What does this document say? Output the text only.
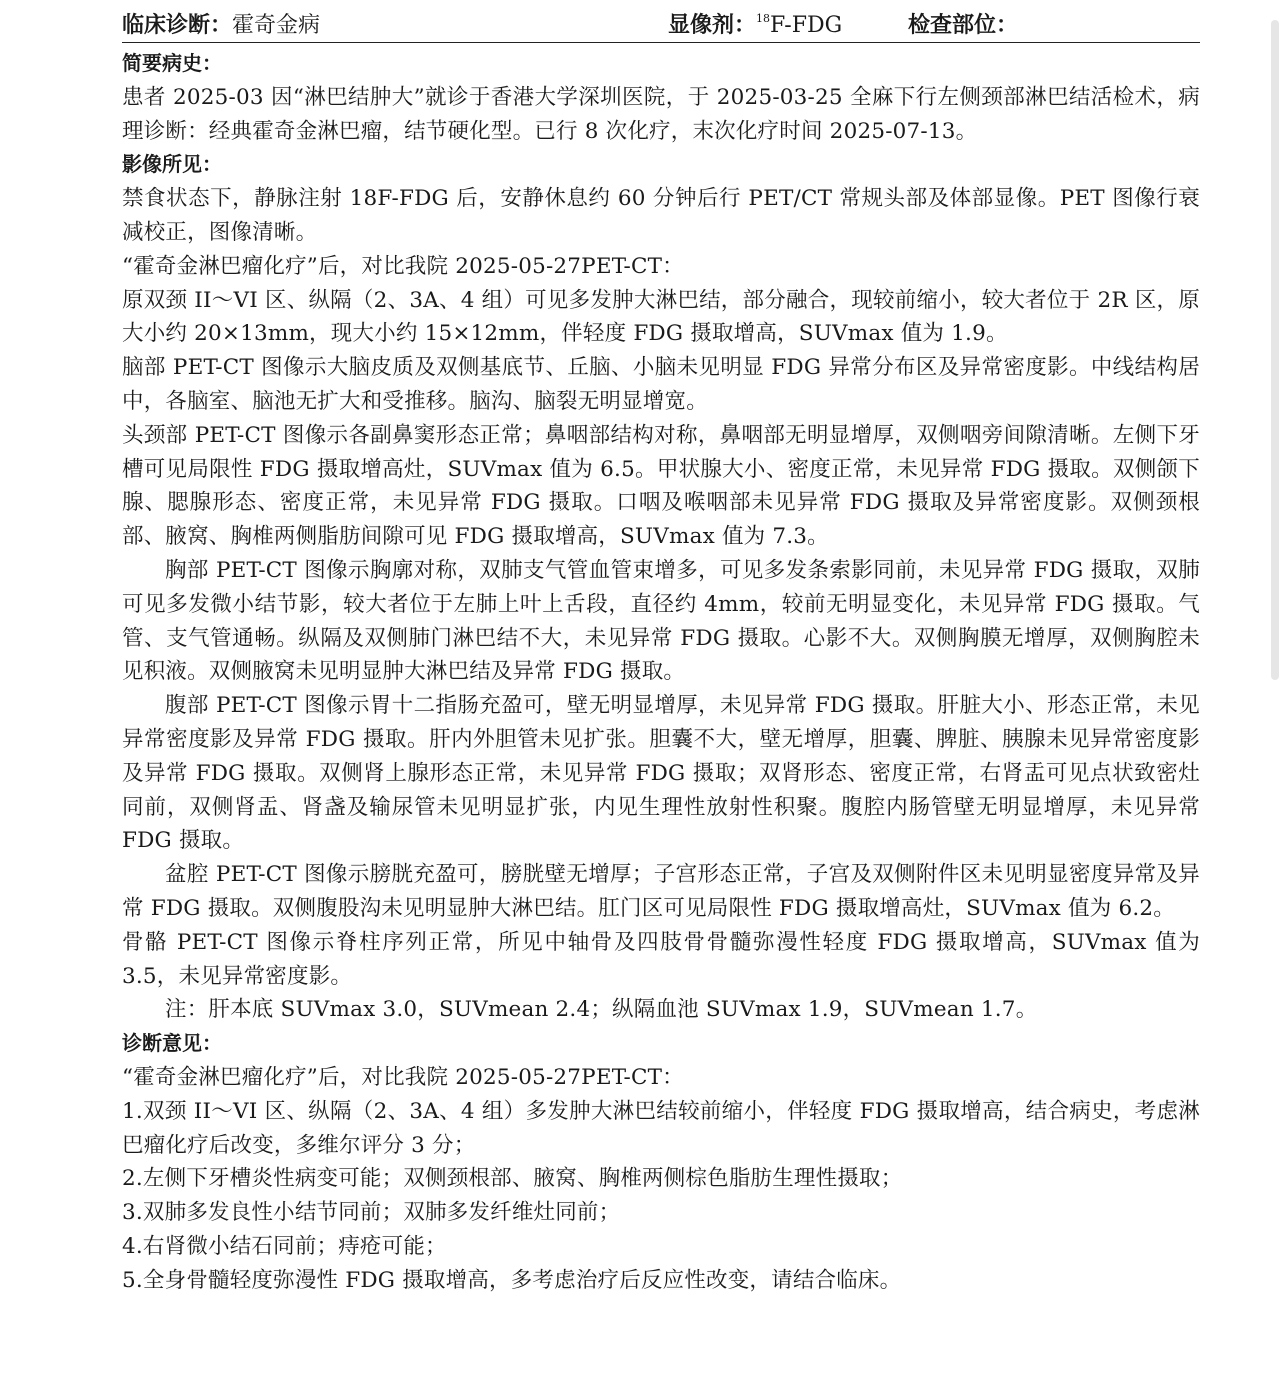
临床诊断：霍奇金病	显像剂：$^{18}$F-FDG	检查部位：

简要病史：

患者 2025-03 因“淋巴结肿大”就诊于香港大学深圳医院，于 2025-03-25 全麻下行左侧颈部淋巴结活检术，病理诊断：经典霍奇金淋巴瘤，结节硬化型。已行 8 次化疗，末次化疗时间 2025-07-13。

影像所见：

禁食状态下，静脉注射 18F-FDG 后，安静休息约 60 分钟后行 PET/CT 常规头部及体部显像。PET 图像行衰减校正，图像清晰。

“霍奇金淋巴瘤化疗”后，对比我院 2025-05-27PET-CT：

原双颈 II～VI 区、纵隔（2、3A、4 组）可见多发肿大淋巴结，部分融合，现较前缩小，较大者位于 2R 区，原大小约 20×13mm，现大小约 15×12mm，伴轻度 FDG 摄取增高，SUVmax 值为 1.9。

脑部 PET-CT 图像示大脑皮质及双侧基底节、丘脑、小脑未见明显 FDG 异常分布区及异常密度影。中线结构居中，各脑室、脑池无扩大和受推移。脑沟、脑裂无明显增宽。

头颈部 PET-CT 图像示各副鼻窦形态正常；鼻咽部结构对称，鼻咽部无明显增厚，双侧咽旁间隙清晰。左侧下牙槽可见局限性 FDG 摄取增高灶，SUVmax 值为 6.5。甲状腺大小、密度正常，未见异常 FDG 摄取。双侧颌下腺、腮腺形态、密度正常，未见异常 FDG 摄取。口咽及喉咽部未见异常 FDG 摄取及异常密度影。双侧颈根部、腋窝、胸椎两侧脂肪间隙可见 FDG 摄取增高，SUVmax 值为 7.3。

胸部 PET-CT 图像示胸廓对称，双肺支气管血管束增多，可见多发条索影同前，未见异常 FDG 摄取，双肺可见多发微小结节影，较大者位于左肺上叶上舌段，直径约 4mm，较前无明显变化，未见异常 FDG 摄取。气管、支气管通畅。纵隔及双侧肺门淋巴结不大，未见异常 FDG 摄取。心影不大。双侧胸膜无增厚，双侧胸腔未见积液。双侧腋窝未见明显肿大淋巴结及异常 FDG 摄取。

腹部 PET-CT 图像示胃十二指肠充盈可，壁无明显增厚，未见异常 FDG 摄取。肝脏大小、形态正常，未见异常密度影及异常 FDG 摄取。肝内外胆管未见扩张。胆囊不大，壁无增厚，胆囊、脾脏、胰腺未见异常密度影及异常 FDG 摄取。双侧肾上腺形态正常，未见异常 FDG 摄取；双肾形态、密度正常，右肾盂可见点状致密灶同前，双侧肾盂、肾盏及输尿管未见明显扩张，内见生理性放射性积聚。腹腔内肠管壁无明显增厚，未见异常 FDG 摄取。

盆腔 PET-CT 图像示膀胱充盈可，膀胱壁无增厚；子宫形态正常，子宫及双侧附件区未见明显密度异常及异常 FDG 摄取。双侧腹股沟未见明显肿大淋巴结。肛门区可见局限性 FDG 摄取增高灶，SUVmax 值为 6.2。

骨骼 PET-CT 图像示脊柱序列正常，所见中轴骨及四肢骨骨髓弥漫性轻度 FDG 摄取增高，SUVmax 值为 3.5，未见异常密度影。

注：肝本底 SUVmax 3.0，SUVmean 2.4；纵隔血池 SUVmax 1.9，SUVmean 1.7。

诊断意见：

“霍奇金淋巴瘤化疗”后，对比我院 2025-05-27PET-CT：

1.双颈 II～VI 区、纵隔（2、3A、4 组）多发肿大淋巴结较前缩小，伴轻度 FDG 摄取增高，结合病史，考虑淋巴瘤化疗后改变，多维尔评分 3 分；

2.左侧下牙槽炎性病变可能；双侧颈根部、腋窝、胸椎两侧棕色脂肪生理性摄取；

3.双肺多发良性小结节同前；双肺多发纤维灶同前；

4.右肾微小结石同前；痔疮可能；

5.全身骨髓轻度弥漫性 FDG 摄取增高，多考虑治疗后反应性改变，请结合临床。
